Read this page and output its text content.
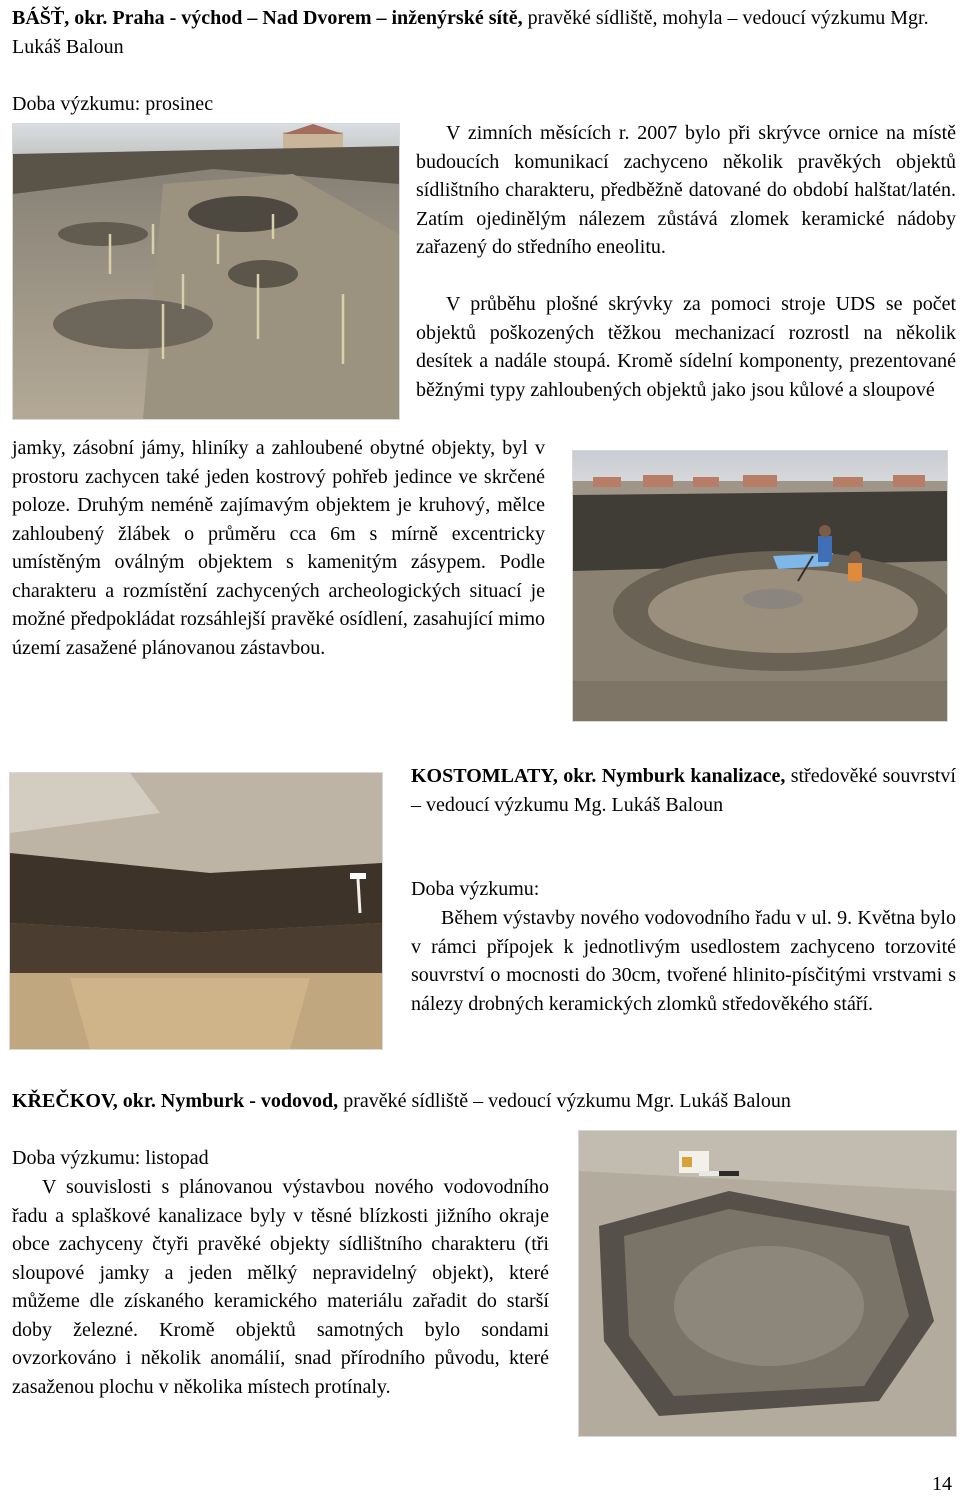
BÁŠŤ, okr. Praha - východ – Nad Dvorem – inženýrské sítě, pravěké sídliště, mohyla – vedoucí výzkumu Mgr. Lukáš Baloun
Doba výzkumu: prosinec

V zimních měsících r. 2007 bylo při skrývce ornice na místě budoucích komunikací zachyceno několik pravěkých objektů sídlištního charakteru, předběžně datované do období halštat/latén. Zatím ojedinělým nálezem zůstává zlomek keramické nádoby zařazený do středního eneolitu.

V průběhu plošné skrývky za pomoci stroje UDS se počet objektů poškozených těžkou mechanizací rozrostl na několik desítek a nadále stoupá. Kromě sídelní komponenty, prezentované běžnými typy zahloubených objektů jako jsou kůlové a sloupové

jamky, zásobní jámy, hliníky a zahloubené obytné objekty, byl v prostoru zachycen také jeden kostrový pohřeb jedince ve skrčené poloze. Druhým neméně zajímavým objektem je kruhový, mělce zahloubený žlábek o průměru cca 6m s mírně excentricky umístěným oválným objektem s kamenitým zásypem. Podle charakteru a rozmístění zachycených archeologických situací je možné předpokládat rozsáhlejší pravěké osídlení, zasahující mimo území zasažené plánovanou zástavbou.

KOSTOMLATY, okr. Nymburk kanalizace, středověké souvrství – vedoucí výzkumu Mg. Lukáš Baloun
Doba výzkumu:

Během výstavby nového vodovodního řadu v ul. 9. Května bylo v rámci přípojek k jednotlivým usedlostem zachyceno torzovité souvrství o mocnosti do 30cm, tvořené hlinito-písčitými vrstvami s nálezy drobných keramických zlomků středověkého stáří.

KŘEČKOV, okr. Nymburk - vodovod, pravěké sídliště – vedoucí výzkumu Mgr. Lukáš Baloun
Doba výzkumu: listopad

V souvislosti s plánovanou výstavbou nového vodovodního řadu a splaškové kanalizace byly v těsné blízkosti jižního okraje obce zachyceny čtyři pravěké objekty sídlištního charakteru (tři sloupové jamky a jeden mělký nepravidelný objekt), které můžeme dle získaného keramického materiálu zařadit do starší doby železné. Kromě objektů samotných bylo sondami ovzorkováno i několik anomálií, snad přírodního původu, které zasaženou plochu v několika místech protínaly.

14
